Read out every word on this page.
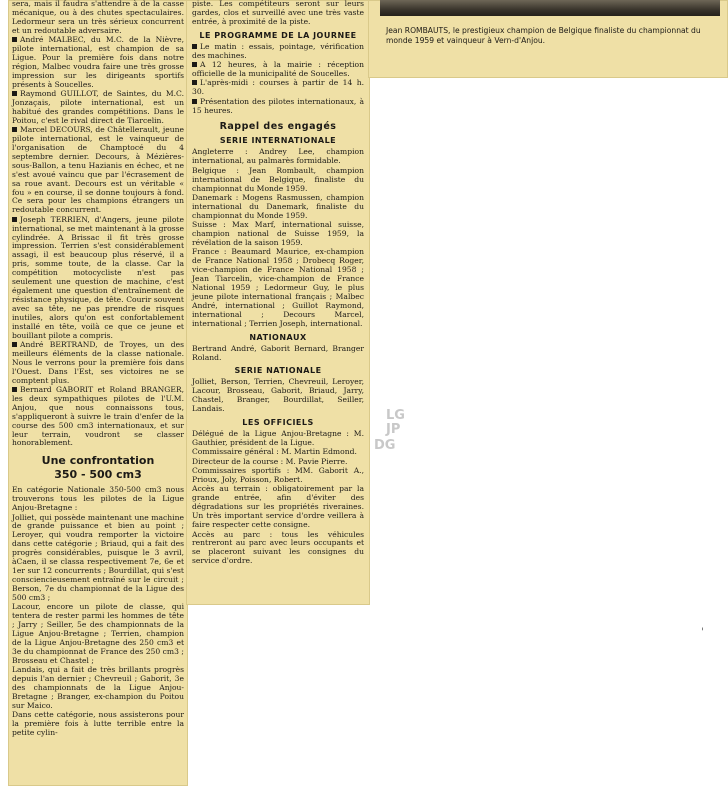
Jean ROMBAUTS, le prestigieux champion de Belgique finaliste du championnat du monde 1959 et vainqueur à Vern-d'Anjou.

sera, mais il faudra s'attendre à de la casse mécanique, ou à des chutes spectaculaires. Ledormeur sera un très sérieux concurrent et un redoutable adversaire.

André MALBEC, du M.C. de la Nièvre, pilote international, est champion de sa Ligue. Pour la première fois dans notre région, Malbec voudra faire une très grosse impression sur les dirigeants sportifs présents à Soucelles.

Raymond GUILLOT, de Saintes, du M.C. Jonzaçais, pilote international, est un habitué des grandes compétitions. Dans le Poitou, c'est le rival direct de Tiarcelin.

Marcel DECOURS, de Châtellerault, jeune pilote international, est le vainqueur de l'organisation de Champtocé du 4 septembre dernier. Decours, à Mézières-sous-Ballon, a tenu Hazianis en échec, et ne s'est avoué vaincu que par l'écrasement de sa roue avant. Decours est un véritable « fou » en course, il se donne toujours à fond. Ce sera pour les champions étrangers un redoutable concurrent.

Joseph TERRIEN, d'Angers, jeune pilote international, se met maintenant à la grosse cylindrée. A Brissac il fit très grosse impression. Terrien s'est considérablement assagi, il est beaucoup plus réservé, il a pris, somme toute, de la classe. Car la compétition motocycliste n'est pas seulement une question de machine, c'est également une question d'entraînement de résistance physique, de tête. Courir souvent avec sa tête, ne pas prendre de risques inutiles, alors qu'on est confortablement installé en tête, voilà ce que ce jeune et bouillant pilote a compris.

André BERTRAND, de Troyes, un des meilleurs éléments de la classe nationale. Nous le verrons pour la première fois dans l'Ouest. Dans l'Est, ses victoires ne se comptent plus.

Bernard GABORIT et Roland BRANGER, les deux sympathiques pilotes de l'U.M. Anjou, que nous connaissons tous, s'appliqueront à suivre le train d'enfer de la course des 500 cm3 internationaux, et sur leur terrain, voudront se classer honorablement.

Une confrontation
350 - 500 cm3

En catégorie Nationale 350-500 cm3 nous trouverons tous les pilotes de la Ligue Anjou-Bretagne :

Jolliet, qui possède maintenant une machine de grande puissance et bien au point ; Leroyer, qui voudra remporter la victoire dans cette catégorie ; Briaud, qui a fait des progrès considérables, puisque le 3 avril, àCaen, il se classa respectivement 7e, 6e et 1er sur 12 concurrents ; Bourdillat, qui s'est consciencieusement entraîné sur le circuit ; Berson, 7e du championnat de la Ligue des 500 cm3 ;

Lacour, encore un pilote de classe, qui tentera de rester parmi les hommes de tête ; Jarry ; Seiller, 5e des championnats de la Ligue Anjou-Bretagne ; Terrien, champion de la Ligue Anjou-Bretagne des 250 cm3 et 3e du championnat de France des 250 cm3 ; Brosseau et Chastel ;

Landais, qui a fait de très brillants progrès depuis l'an dernier ; Chevreuil ; Gaborit, 3e des championnats de la Ligue Anjou-Bretagne ; Branger, ex-champion du Poitou sur Maico.

Dans cette catégorie, nous assisterons pour la première fois à lutte terrible entre la petite cylin-

piste. Les compétiteurs seront sur leurs gardes, clos et surveillé avec une très vaste entrée, à proximité de la piste.

LE PROGRAMME DE LA JOURNEE

Le matin : essais, pointage, vérification des machines.

A 12 heures, à la mairie : réception officielle de la municipalité de Soucelles.

L'après-midi : courses à partir de 14 h. 30.

Présentation des pilotes internationaux, à 15 heures.

Rappel des engagés
SERIE INTERNATIONALE

Angleterre : Andrey Lee, champion international, au palmarès formidable.

Belgique : Jean Rombault, champion international de Belgique, finaliste du championnat du Monde 1959.

Danemark : Mogens Rasmussen, champion international du Danemark, finaliste du championnat du Monde 1959.

Suisse : Max Marf, international suisse, champion national de Suisse 1959, la révélation de la saison 1959.

France : Beaumard Maurice, ex-champion de France National 1958 ; Drobecq Roger, vice-champion de France National 1958 ; Jean Tiarcelin, vice-champion de France National 1959 ; Ledormeur Guy, le plus jeune pilote international français ; Malbec André, international ; Guillot Raymond, international ; Decours Marcel, international ; Terrien Joseph, international.

NATIONAUX

Bertrand André, Gaborit Bernard, Branger Roland.

SERIE NATIONALE

Jolliet, Berson, Terrien, Chevreuil, Leroyer, Lacour, Brosseau, Gaborit, Briaud, Jarry, Chastel, Branger, Bourdillat, Seiller, Landais.

LES OFFICIELS

Délégué de la Ligue Anjou-Bretagne : M. Gauthier, président de la Ligue.

Commissaire général : M. Martin Edmond.

Directeur de la course : M. Pavie Pierre.

Commissaires sportifs : MM. Gaborit A., Prioux, Joly, Poisson, Robert.

Accès au terrain : obligatoirement par la grande entrée, afin d'éviter des dégradations sur les propriétés riveraines. Un très important service d'ordre veillera à faire respecter cette consigne.

Accès au parc : tous les véhicules rentreront au parc avec leurs occupants et se placeront suivant les consignes du service d'ordre.

LG
JP
DG
'
